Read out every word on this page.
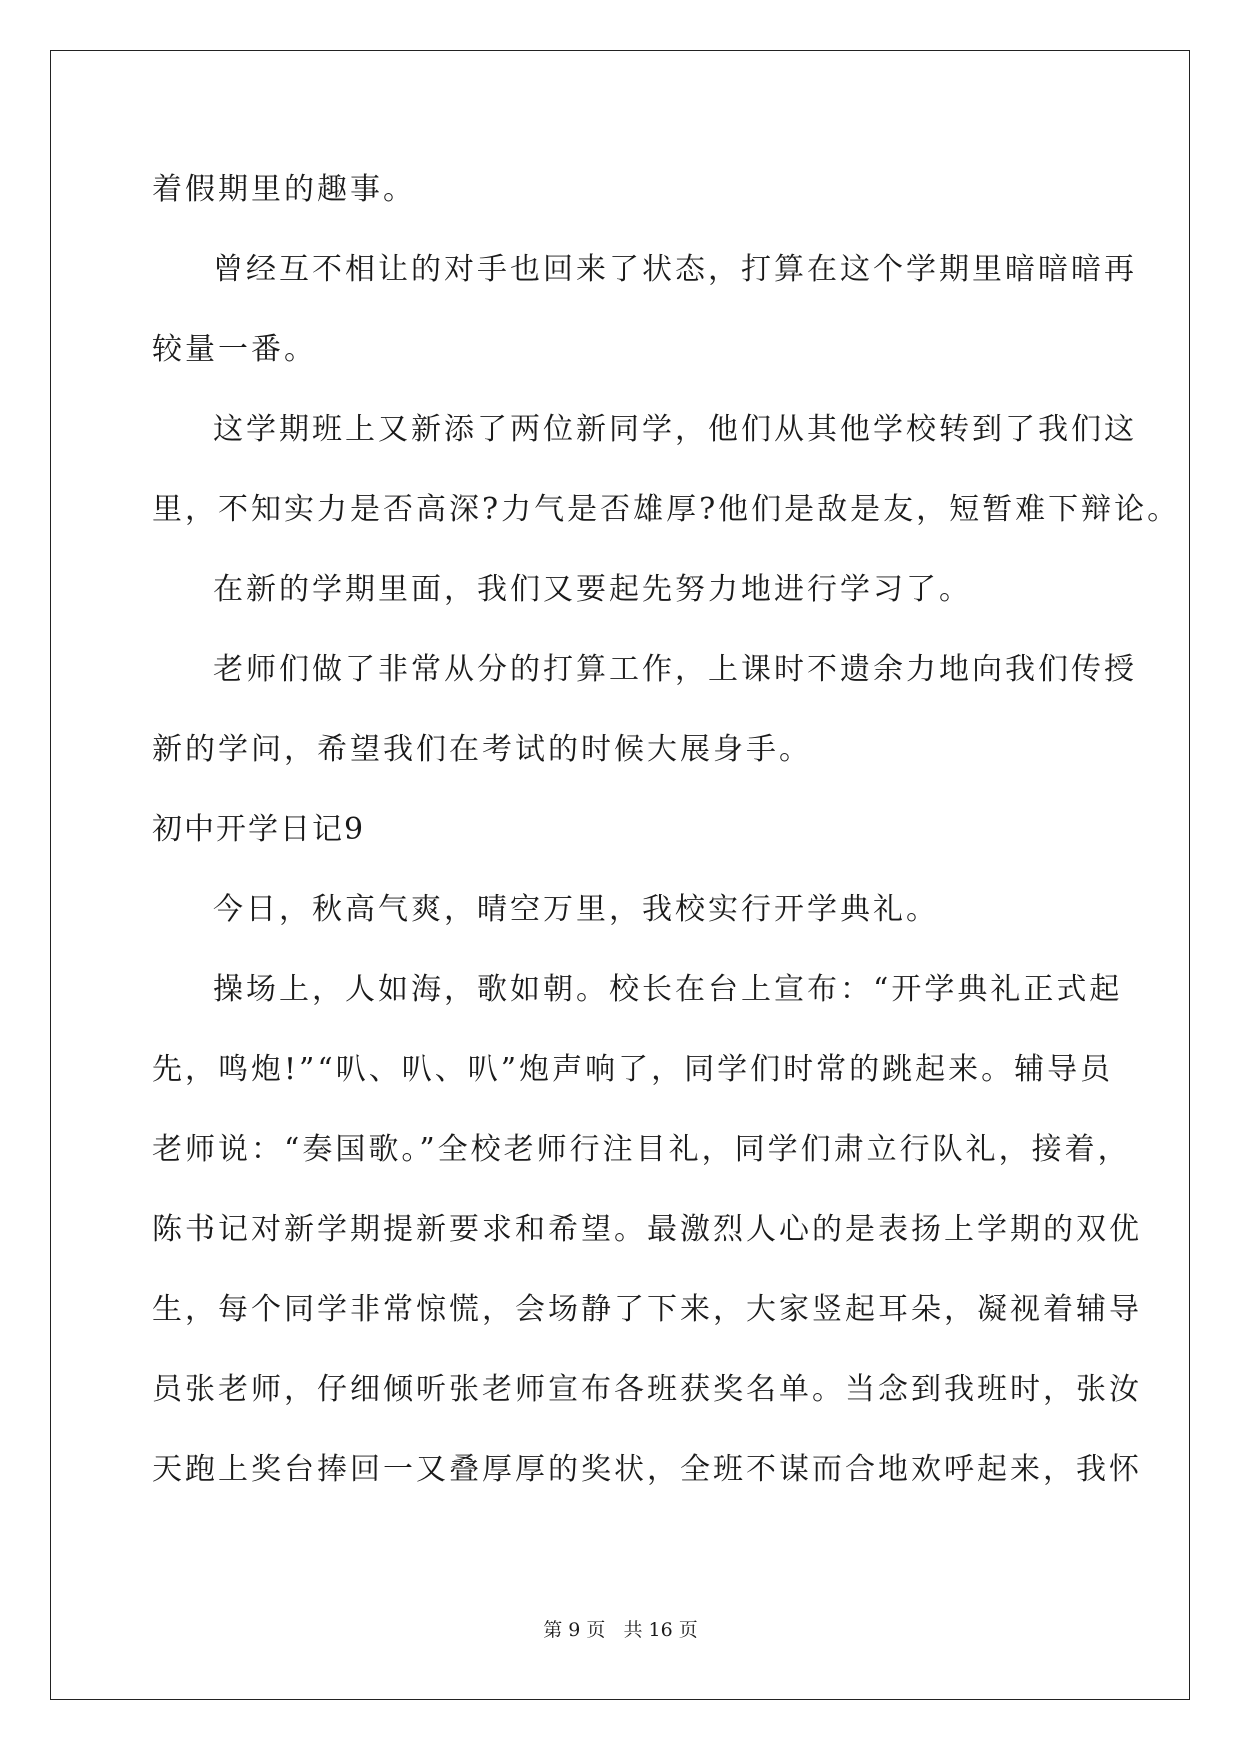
着假期里的趣事。
曾经互不相让的对手也回来了状态，打算在这个学期里暗暗暗再
较量一番。
这学期班上又新添了两位新同学，他们从其他学校转到了我们这
里，不知实力是否高深?力气是否雄厚?他们是敌是友，短暂难下辩论。
在新的学期里面，我们又要起先努力地进行学习了。
老师们做了非常从分的打算工作，上课时不遗余力地向我们传授
新的学问，希望我们在考试的时候大展身手。
初中开学日记9
今日，秋高气爽，晴空万里，我校实行开学典礼。
操场上，人如海，歌如朝。校长在台上宣布：“开学典礼正式起
先，鸣炮!”“叭、叭、叭”炮声响了，同学们时常的跳起来。辅导员
老师说：“奏国歌。”全校老师行注目礼，同学们肃立行队礼，接着，
陈书记对新学期提新要求和希望。最激烈人心的是表扬上学期的双优
生，每个同学非常惊慌，会场静了下来，大家竖起耳朵，凝视着辅导
员张老师，仔细倾听张老师宣布各班获奖名单。当念到我班时，张汝
天跑上奖台捧回一又叠厚厚的奖状，全班不谋而合地欢呼起来，我怀
第 9 页   共 16 页
